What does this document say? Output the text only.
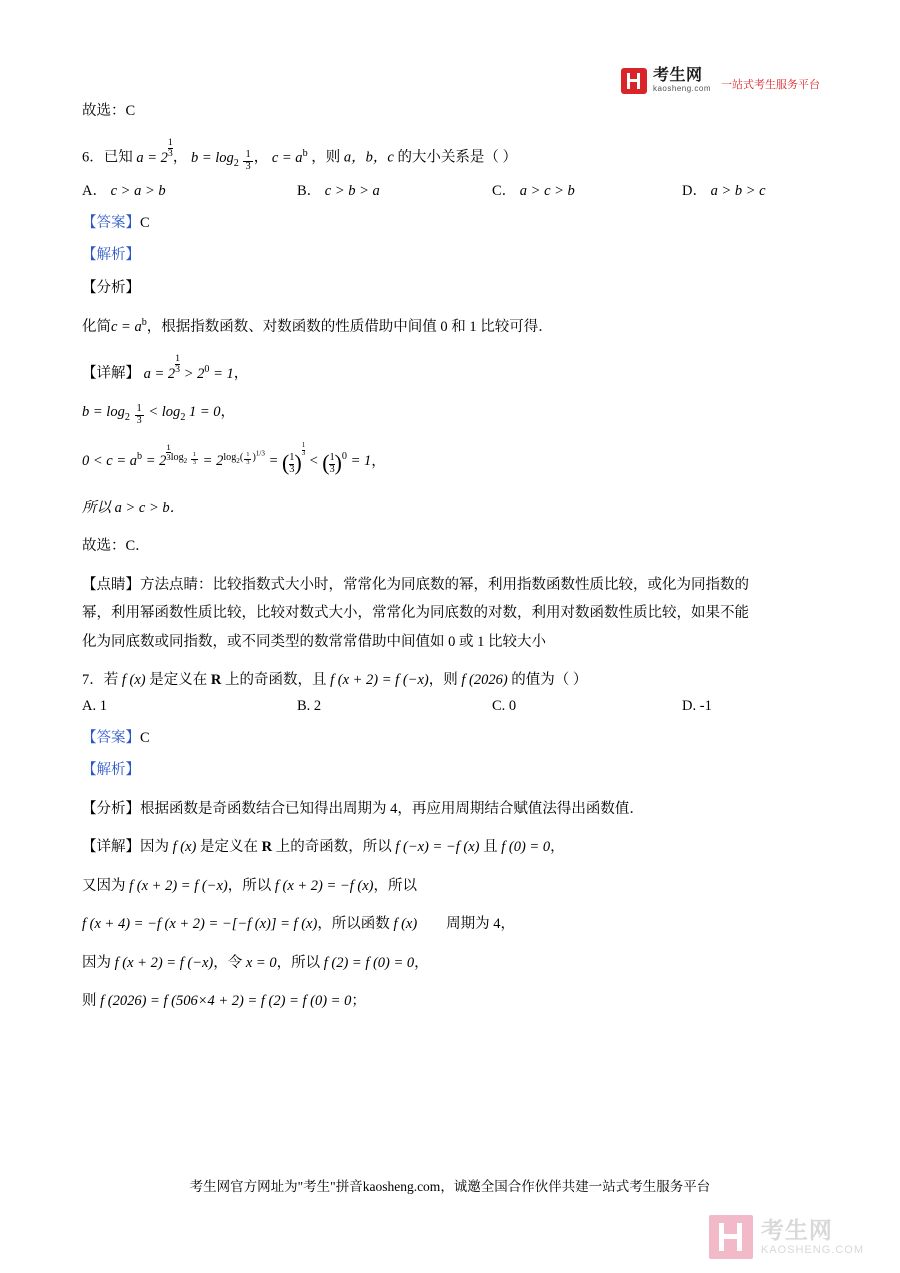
考生网
kaosheng.com 一站式考生服务平台

故选：C

6．已知 $a = 2 \frac{1}{3}$ ， $b = \log_2 \frac{1}{3}$ ， $c = a^b$ ，则 a，b，c 的大小关系是（ ）

A． c > a > b	B． c > b > a	C． a > c > b	D． a > b > c

【答案】C

【解析】

【分析】

化简$c = a^b$，根据指数函数、对数函数的性质借助中间值 0 和 1 比较可得．

【详解】 $a = 2 \frac{1}{3} > 2^0 = 1$，

$b = \log_2 \frac{1}{3} < \log_2 1 = 0$，

$0 < c = a^b = 2$
$\frac{1}{3} ^{log_2 \frac{1}{3}} = 2^{log_2( \frac{1}{3} )^{1/3}}$ = ( $\frac{1}{3}$ )
$^{\frac{1}{3}}$
< ( $\frac{1}{3} )^0 = 1$，

所以 a > c > b．

故选：C．

【点睛】方法点睛：比较指数式大小时，常常化为同底数的幂，利用指数函数性质比较，或化为同指数的

幂，利用幂函数性质比较，比较对数式大小，常常化为同底数的对数，利用对数函数性质比较，如果不能

化为同底数或同指数，或不同类型的数常常借助中间值如 0 或 1 比较大小

7．若 f (x) 是定义在 R 上的奇函数，且 f (x + 2) = f (−x)，则 f (2026) 的值为（ ）

A. 1	B. 2	C. 0	D. -1

【答案】C

【解析】

【分析】根据函数是奇函数结合已知得出周期为 4，再应用周期结合赋值法得出函数值．

【详解】因为 f (x) 是定义在 R 上的奇函数，所以 f (−x) = −f (x) 且 f (0) = 0，

又因为 f (x + 2) = f (−x)，所以 f (x + 2) = −f (x)，所以

f (x + 4) = −f (x + 2) = −[−f (x)] = f (x)，所以函数 f (x)　　周期为 4，

因为 f (x + 2) = f (−x)，令 x = 0，所以 f (2) = f (0) = 0，

则 f (2026) = f (506×4 + 2) = f (2) = f (0) = 0；

考生网官方网址为"考生"拼音kaosheng.com，诚邀全国合作伙伴共建一站式考生服务平台
考生网
KAOSHENG.COM
